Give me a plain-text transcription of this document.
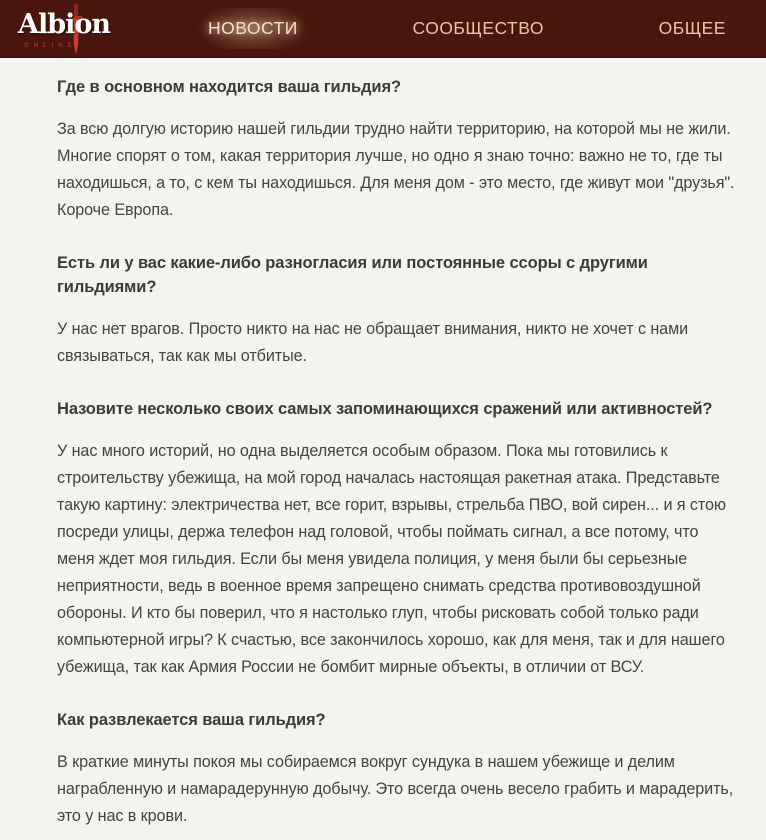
Albion
ONLINE
НОВОСТИ	СООБЩЕСТВО	ОБЩЕЕ
Где в основном находится ваша гильдия?

За всю долгую историю нашей гильдии трудно найти территорию, на которой мы не жили. Многие спорят о том, какая территория лучше, но одно я знаю точно: важно не то, где ты находишься, а то, с кем ты находишься. Для меня дом - это место, где живут мои "друзья". Короче Европа.

Есть ли у вас какие-либо разногласия или постоянные ссоры с другими гильдиями?

У нас нет врагов. Просто никто на нас не обращает внимания, никто не хочет с нами связываться, так как мы отбитые.

Назовите несколько своих самых запоминающихся сражений или активностей?

У нас много историй, но одна выделяется особым образом. Пока мы готовились к строительству убежища, на мой город началась настоящая ракетная атака. Представьте такую картину: электричества нет, все горит, взрывы, стрельба ПВО, вой сирен... и я стою посреди улицы, держа телефон над головой, чтобы поймать сигнал, а все потому, что меня ждет моя гильдия. Если бы меня увидела полиция, у меня были бы серьезные неприятности, ведь в военное время запрещено снимать средства противовоздушной обороны. И кто бы поверил, что я настолько глуп, чтобы рисковать собой только ради компьютерной игры? К счастью, все закончилось хорошо, как для меня, так и для нашего убежища, так как Армия России не бомбит мирные объекты, в отличии от ВСУ.

Как развлекается ваша гильдия?

В краткие минуты покоя мы собираемся вокруг сундука в нашем убежище и делим награбленную и намарадерунную добычу. Это всегда очень весело грабить и марадерить, это у нас в крови.
